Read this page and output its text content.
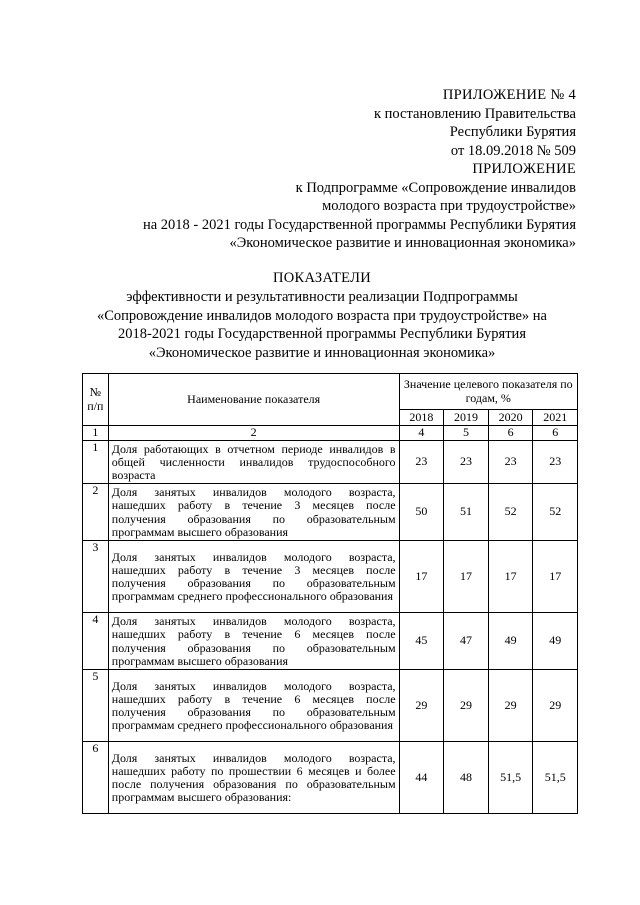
ПРИЛОЖЕНИЕ № 4
к постановлению Правительства
Республики Бурятия
от 18.09.2018 № 509
ПРИЛОЖЕНИЕ
к Подпрограмме «Сопровождение инвалидов
молодого возраста при трудоустройстве»
на 2018 - 2021 годы Государственной программы Республики Бурятия
«Экономическое развитие и инновационная экономика»
ПОКАЗАТЕЛИ
эффективности и результативности реализации Подпрограммы
«Сопровождение инвалидов молодого возраста при трудоустройстве» на
2018-2021 годы Государственной программы Республики Бурятия
«Экономическое развитие и инновационная экономика»
№ п/п	Наименование показателя	Значение целевого показателя по годам, %			
		2018	2019	2020	2021
1	2	4	5	6	6
1	Доля работающих в отчетном периоде инвалидов в общей численности инвалидов трудоспособного возраста	23	23	23	23
2	Доля занятых инвалидов молодого возраста, нашедших работу в течение 3 месяцев после получения образования по образовательным программам высшего образования	50	51	52	52
3	Доля занятых инвалидов молодого возраста, нашедших работу в течение 3 месяцев после получения образования по образовательным программам среднего профессионального образования	17	17	17	17
4	Доля занятых инвалидов молодого возраста, нашедших работу в течение 6 месяцев после получения образования по образовательным программам высшего образования	45	47	49	49
5	Доля занятых инвалидов молодого возраста, нашедших работу в течение 6 месяцев после получения образования по образовательным программам среднего профессионального образования	29	29	29	29
6	Доля занятых инвалидов молодого возраста, нашедших работу по прошествии 6 месяцев и более после получения образования по образовательным программам высшего образования:	44	48	51,5	51,5
